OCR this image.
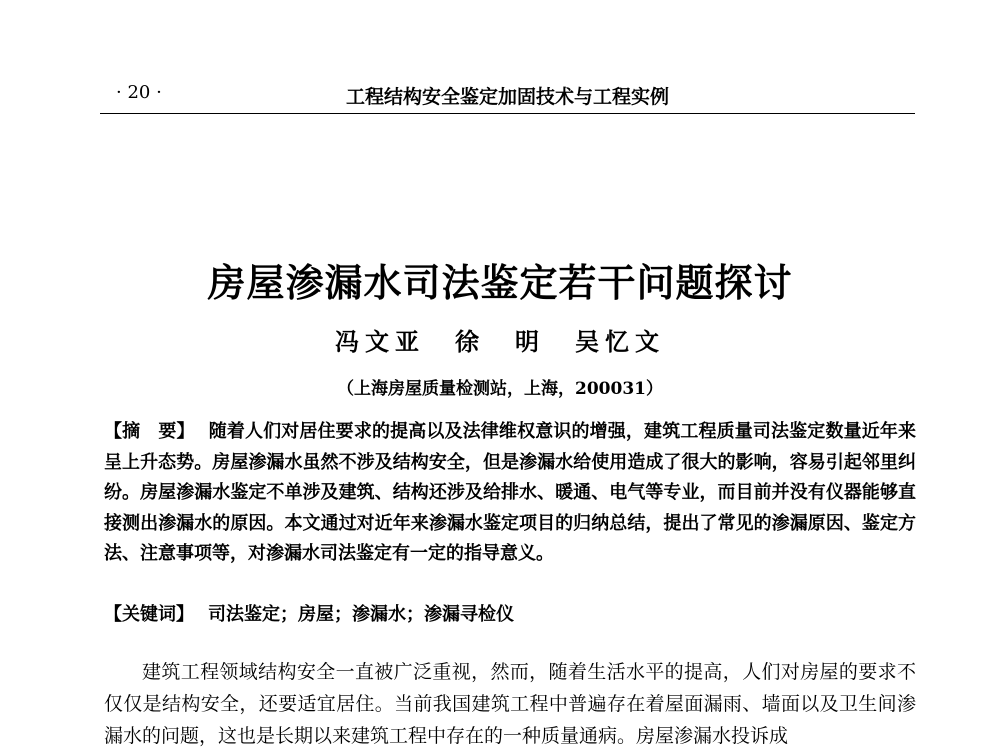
· 20 ·	工程结构安全鉴定加固技术与工程实例
房屋渗漏水司法鉴定若干问题探讨
冯文亚　徐　明　吴忆文
（上海房屋质量检测站，上海，200031）
【摘　要】 随着人们对居住要求的提高以及法律维权意识的增强，建筑工程质量司法鉴定数量近年来呈上升态势。房屋渗漏水虽然不涉及结构安全，但是渗漏水给使用造成了很大的影响，容易引起邻里纠纷。房屋渗漏水鉴定不单涉及建筑、结构还涉及给排水、暖通、电气等专业，而目前并没有仪器能够直接测出渗漏水的原因。本文通过对近年来渗漏水鉴定项目的归纳总结，提出了常见的渗漏原因、鉴定方法、注意事项等，对渗漏水司法鉴定有一定的指导意义。
【关键词】 司法鉴定；房屋；渗漏水；渗漏寻检仪
建筑工程领域结构安全一直被广泛重视，然而，随着生活水平的提高，人们对房屋的要求不仅仅是结构安全，还要适宜居住。当前我国建筑工程中普遍存在着屋面漏雨、墙面以及卫生间渗漏水的问题，这也是长期以来建筑工程中存在的一种质量通病。房屋渗漏水投诉成
